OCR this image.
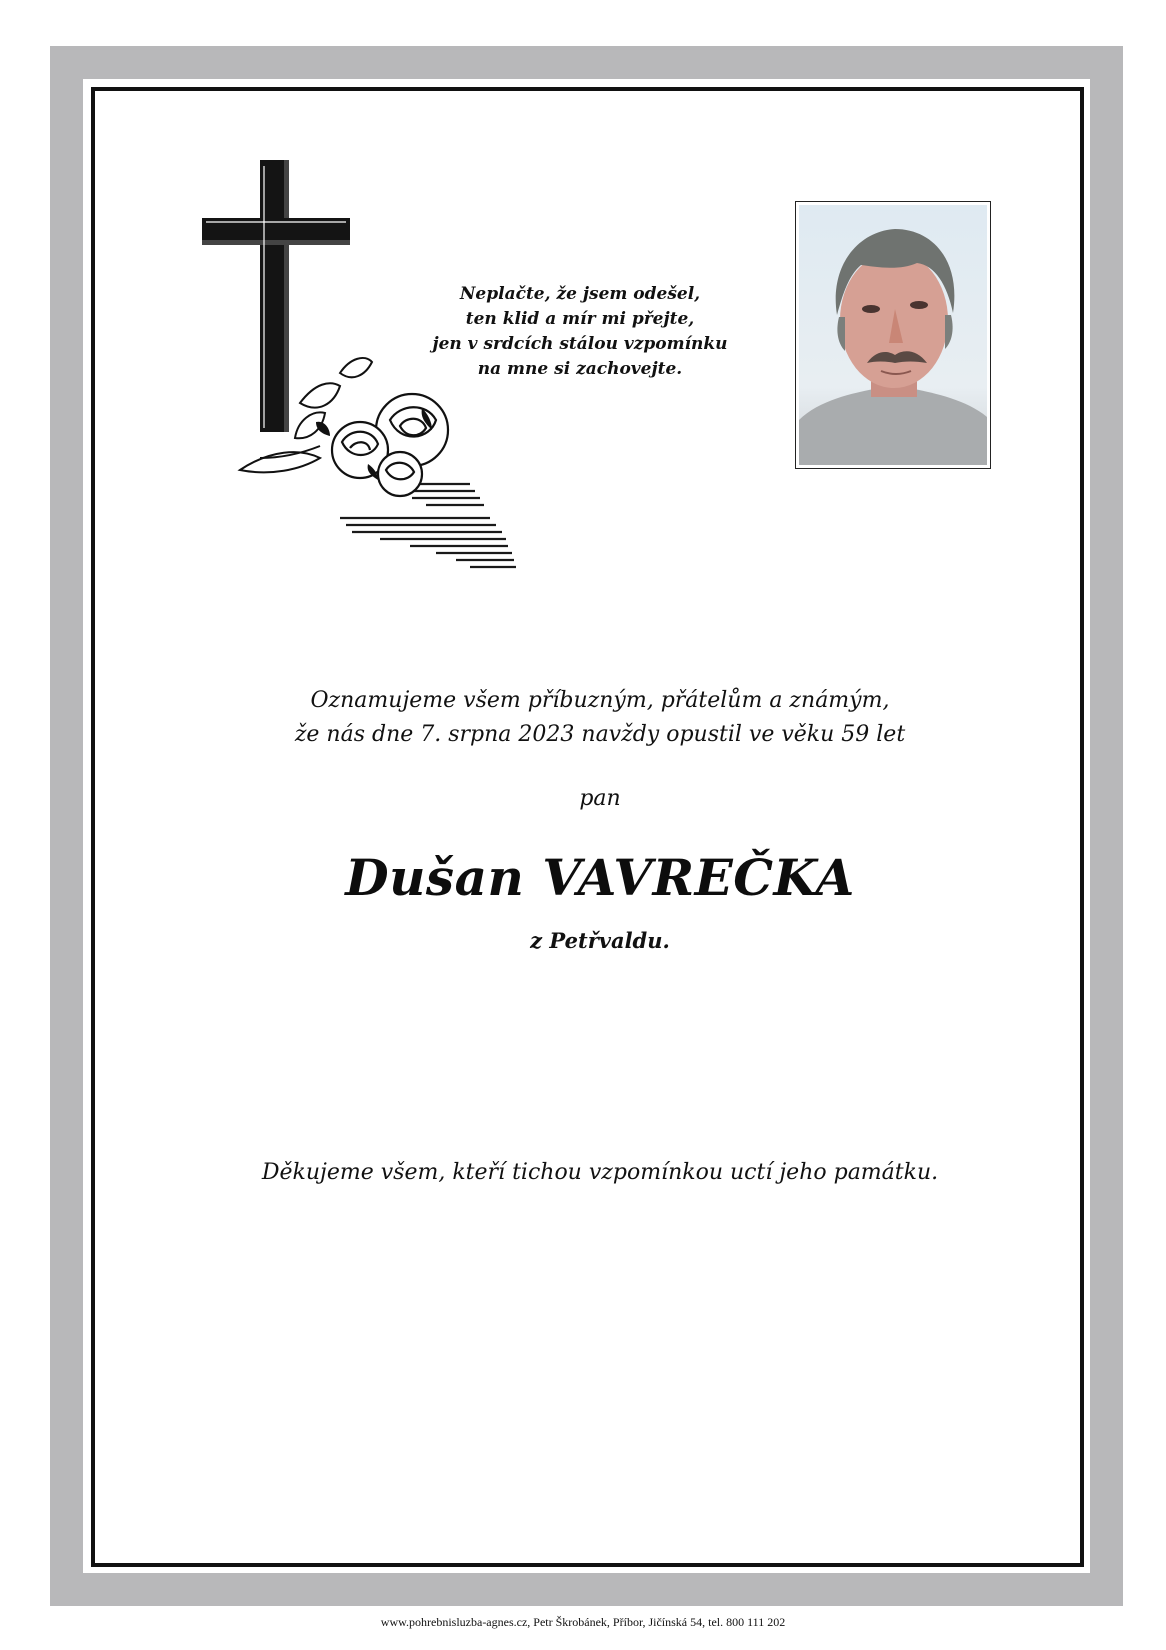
Neplačte, že jsem odešel,
ten klid a mír mi přejte,
jen v srdcích stálou vzpomínku
na mne si zachovejte.
Oznamujeme všem příbuzným, přátelům a známým,
že nás dne 7. srpna 2023 navždy opustil ve věku 59 let
pan
Dušan VAVREČKA
z Petřvaldu.
Děkujeme všem, kteří tichou vzpomínkou uctí jeho památku.
www.pohrebnisluzba-agnes.cz, Petr Škrobánek, Příbor, Jičínská 54, tel. 800 111 202
